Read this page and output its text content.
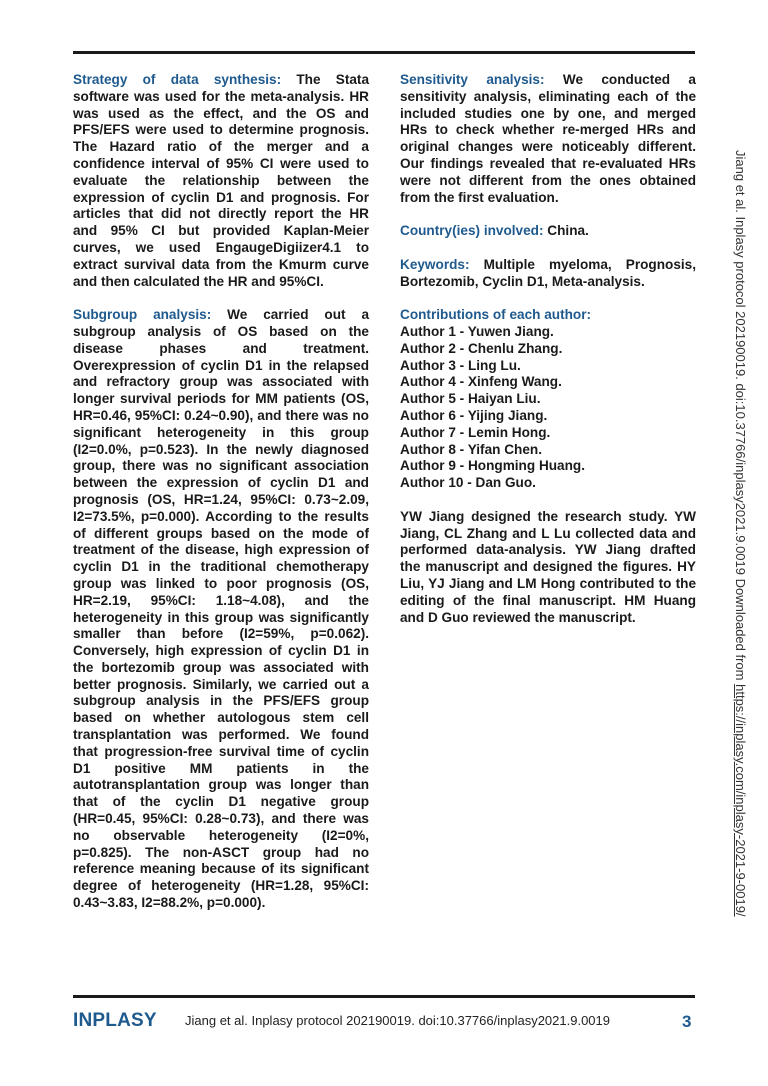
Strategy of data synthesis: The Stata software was used for the meta-analysis. HR was used as the effect, and the OS and PFS/EFS were used to determine prognosis. The Hazard ratio of the merger and a confidence interval of 95% CI were used to evaluate the relationship between the expression of cyclin D1 and prognosis. For articles that did not directly report the HR and 95% CI but provided Kaplan-Meier curves, we used EngaugeDigiizer4.1 to extract survival data from the Kmurm curve and then calculated the HR and 95%CI.

Subgroup analysis: We carried out a subgroup analysis of OS based on the disease phases and treatment. Overexpression of cyclin D1 in the relapsed and refractory group was associated with longer survival periods for MM patients (OS, HR=0.46, 95%CI: 0.24~0.90), and there was no significant heterogeneity in this group (I2=0.0%, p=0.523). In the newly diagnosed group, there was no significant association between the expression of cyclin D1 and prognosis (OS, HR=1.24, 95%CI: 0.73~2.09, I2=73.5%, p=0.000). According to the results of different groups based on the mode of treatment of the disease, high expression of cyclin D1 in the traditional chemotherapy group was linked to poor prognosis (OS, HR=2.19, 95%CI: 1.18~4.08), and the heterogeneity in this group was significantly smaller than before (I2=59%, p=0.062). Conversely, high expression of cyclin D1 in the bortezomib group was associated with better prognosis. Similarly, we carried out a subgroup analysis in the PFS/EFS group based on whether autologous stem cell transplantation was performed. We found that progression-free survival time of cyclin D1 positive MM patients in the autotransplantation group was longer than that of the cyclin D1 negative group (HR=0.45, 95%CI: 0.28~0.73), and there was no observable heterogeneity (I2=0%, p=0.825). The non-ASCT group had no reference meaning because of its significant degree of heterogeneity (HR=1.28, 95%CI: 0.43~3.83, I2=88.2%, p=0.000).

Sensitivity analysis: We conducted a sensitivity analysis, eliminating each of the included studies one by one, and merged HRs to check whether re-merged HRs and original changes were noticeably different. Our findings revealed that re-evaluated HRs were not different from the ones obtained from the first evaluation.

Country(ies) involved: China.

Keywords: Multiple myeloma, Prognosis, Bortezomib, Cyclin D1, Meta-analysis.

Contributions of each author:
Author 1 - Yuwen Jiang.
Author 2 - Chenlu Zhang.
Author 3 - Ling Lu.
Author 4 - Xinfeng Wang.
Author 5 - Haiyan Liu.
Author 6 - Yijing Jiang.
Author 7 - Lemin Hong.
Author 8 - Yifan Chen.
Author 9 - Hongming Huang.
Author 10 - Dan Guo.

YW Jiang designed the research study. YW Jiang, CL Zhang and L Lu collected data and performed data-analysis. YW Jiang drafted the manuscript and designed the figures. HY Liu, YJ Jiang and LM Hong contributed to the editing of the final manuscript. HM Huang and D Guo reviewed the manuscript.	Jiang et al. Inplasy protocol 202190019. doi:10.37766/inplasy2021.9.0019 Downloaded from https://inplasy.com/inplasy-2021-9-0019/
INPLASY Jiang et al. Inplasy protocol 202190019. doi:10.37766/inplasy2021.9.0019	3
